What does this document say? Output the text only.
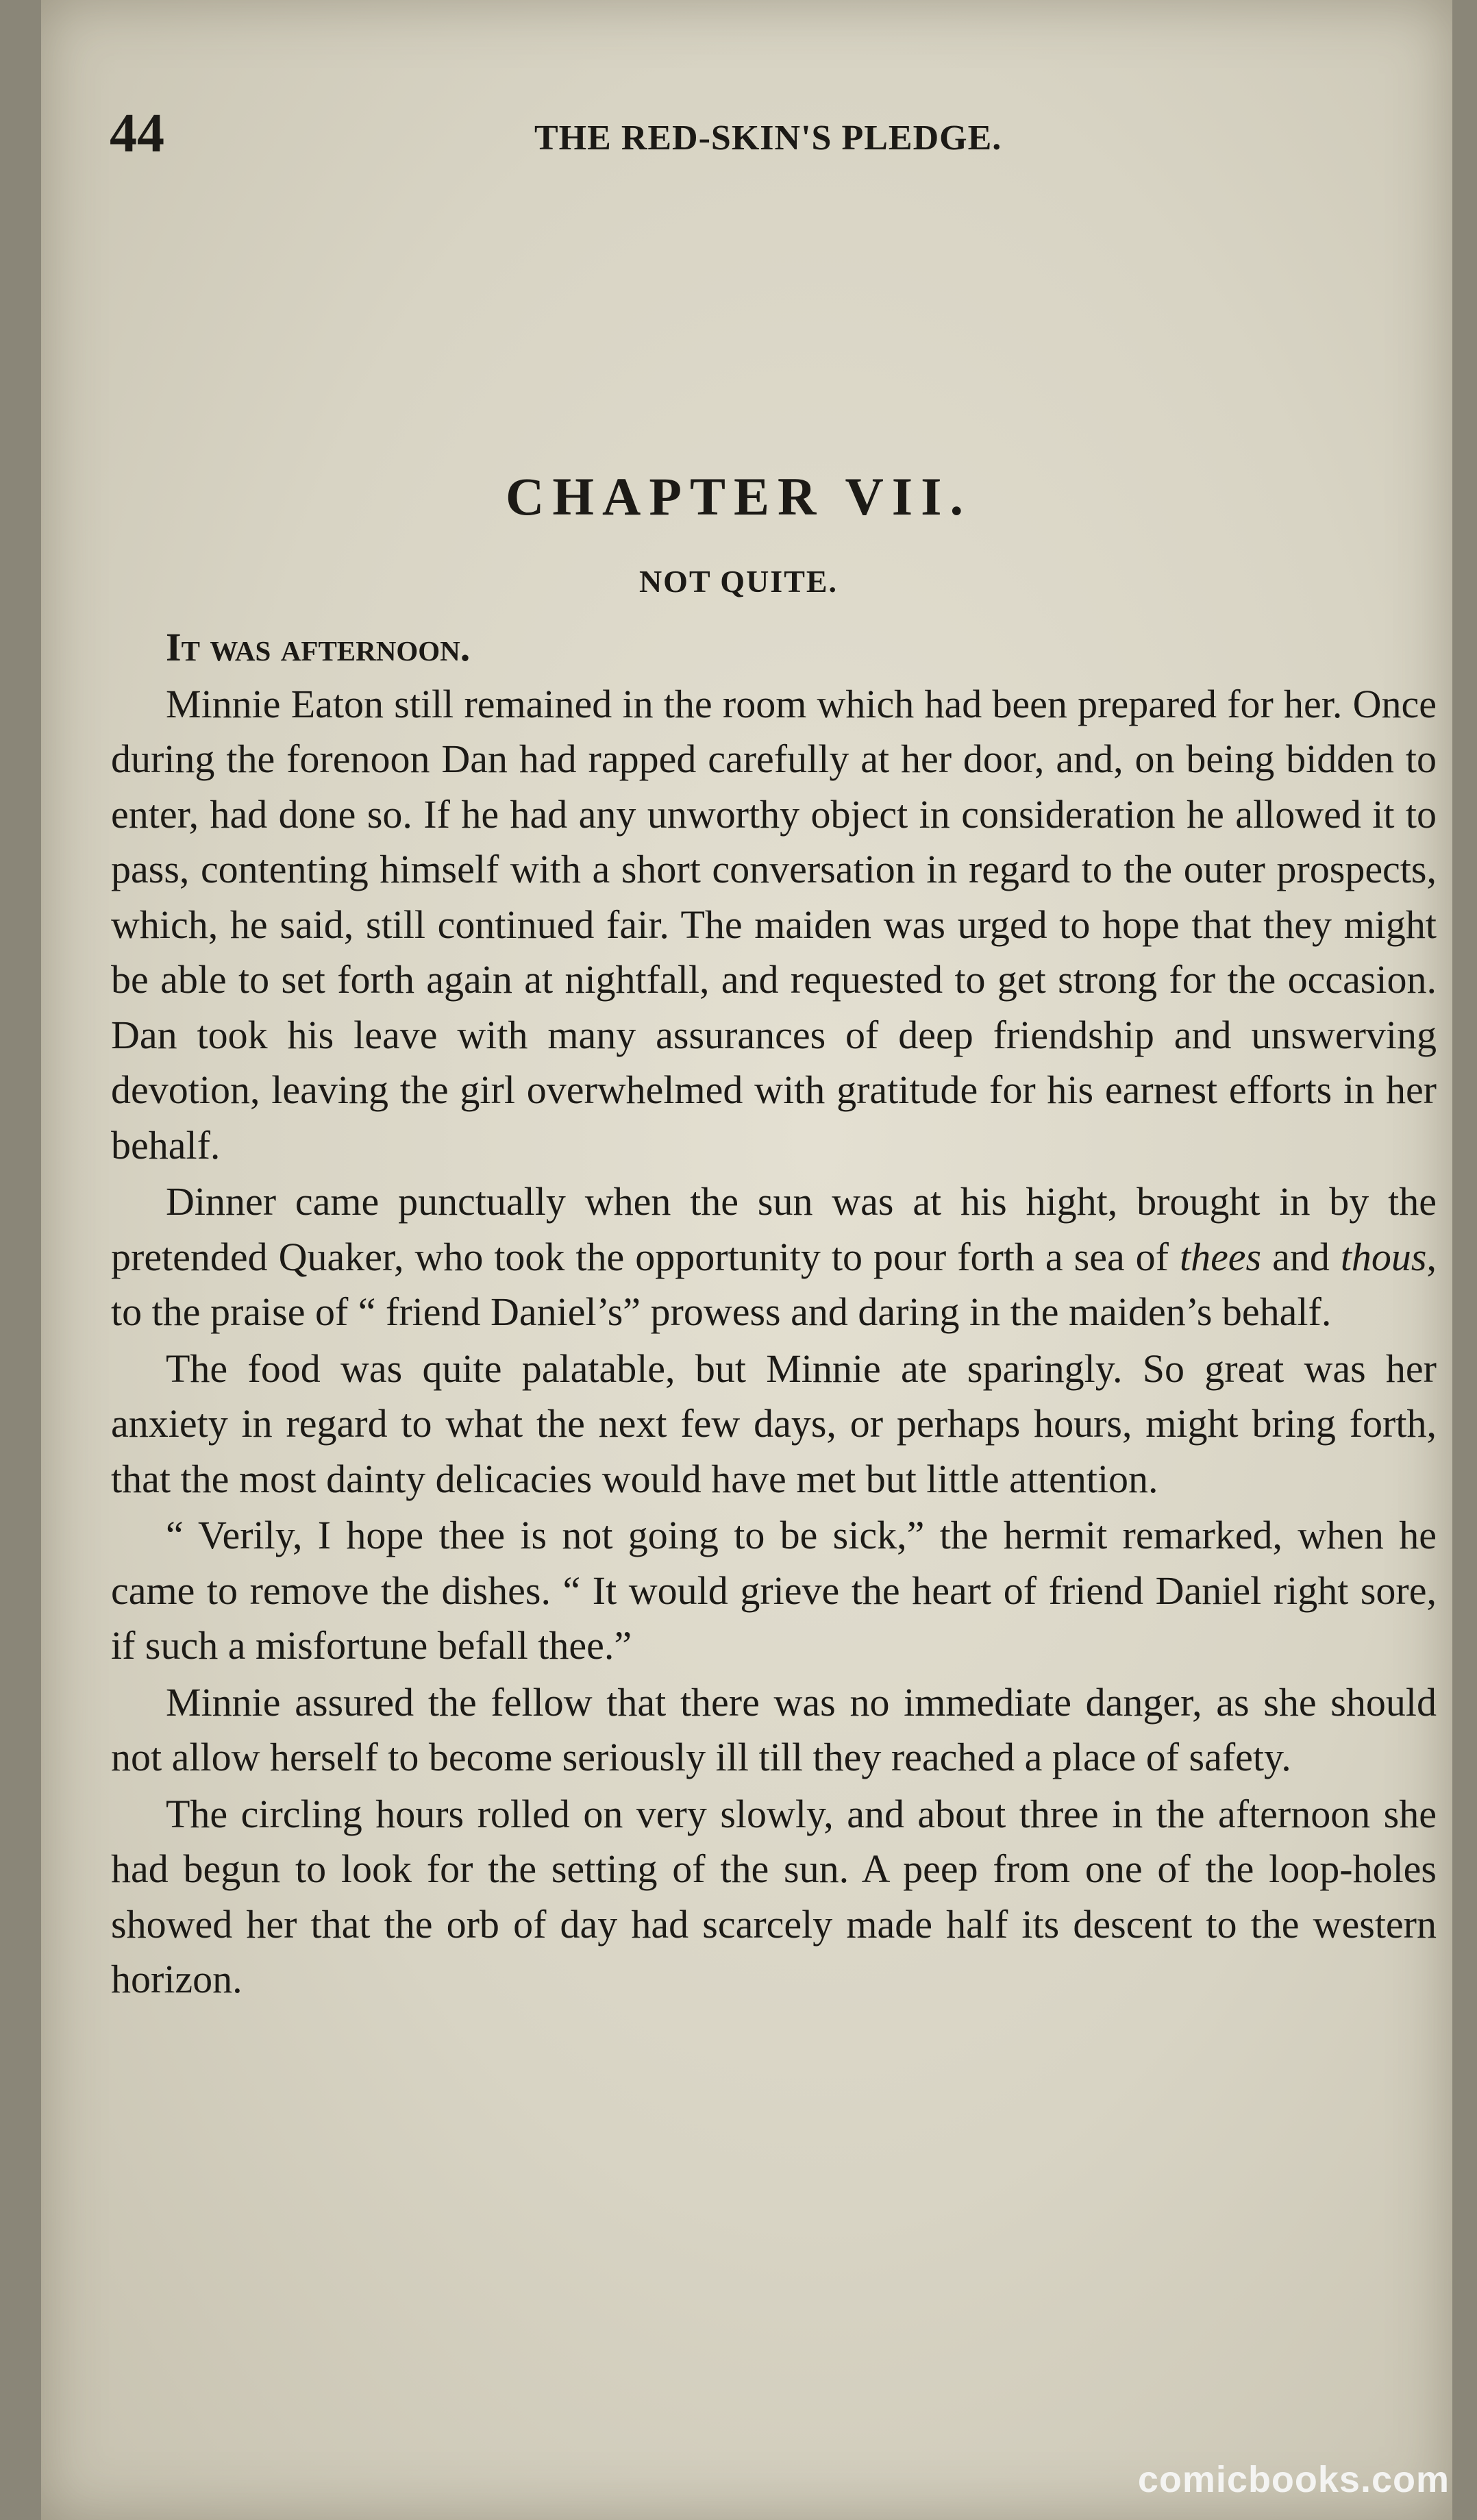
44	THE RED-SKIN'S PLEDGE.
CHAPTER VII.
NOT QUITE.

It was afternoon.

Minnie Eaton still remained in the room which had been prepared for her. Once during the forenoon Dan had rapped carefully at her door, and, on being bidden to enter, had done so. If he had any unworthy object in consideration he allowed it to pass, contenting himself with a short conversation in regard to the outer prospects, which, he said, still continued fair. The maiden was urged to hope that they might be able to set forth again at nightfall, and requested to get strong for the occasion. Dan took his leave with many assurances of deep friendship and unswerving devotion, leaving the girl overwhelmed with gratitude for his earnest efforts in her behalf.

Dinner came punctually when the sun was at his hight, brought in by the pretended Quaker, who took the opportunity to pour forth a sea of thees and thous, to the praise of “ friend Daniel’s” prowess and daring in the maiden’s behalf.

The food was quite palatable, but Minnie ate sparingly. So great was her anxiety in regard to what the next few days, or perhaps hours, might bring forth, that the most dainty delicacies would have met but little attention.

“ Verily, I hope thee is not going to be sick,” the hermit remarked, when he came to remove the dishes. “ It would grieve the heart of friend Daniel right sore, if such a misfortune befall thee.”

Minnie assured the fellow that there was no immediate danger, as she should not allow herself to become seriously ill till they reached a place of safety.

The circling hours rolled on very slowly, and about three in the afternoon she had begun to look for the setting of the sun. A peep from one of the loop-holes showed her that the orb of day had scarcely made half its descent to the western horizon.

comicbooks.com
